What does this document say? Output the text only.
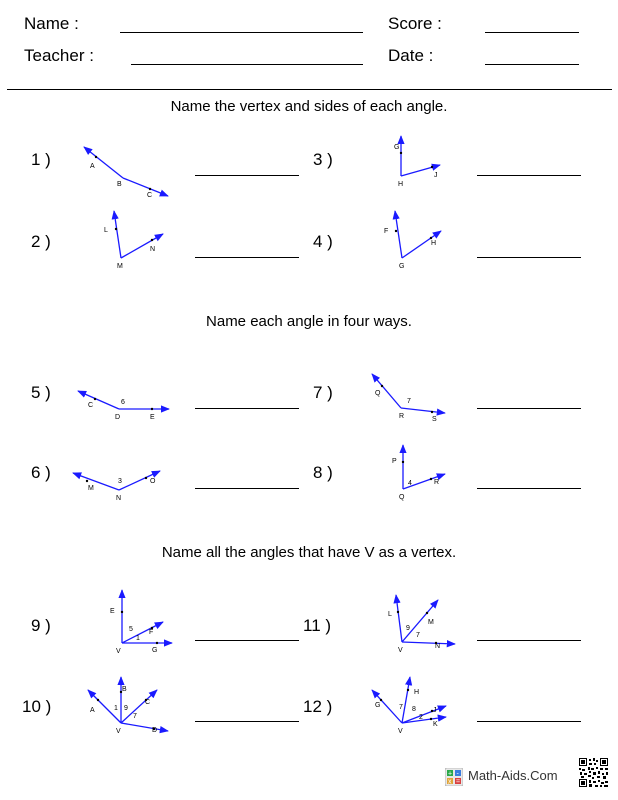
Name :	Score :
Teacher :	Date :
Name the vertex and sides of each angle.
Name each angle in four ways.
Name all the angles that have V as a vertex.
1 )
2 )
3 )
4 )
5 )
6 )
7 )
8 )
9 )
10 )
11 )
12 )
A
B
C
L
M
N
G
H
J
F
G
H
C
D	E
6
M
N
O
3
Q
R	S
7
P
Q
R
4
E
F
G
V
5
1
A
B
C
D
V
1 9
7
L
M
N
V
9
7
G
H
J
K
V
7 8
2
+ -
x = Math-Aids.Com
